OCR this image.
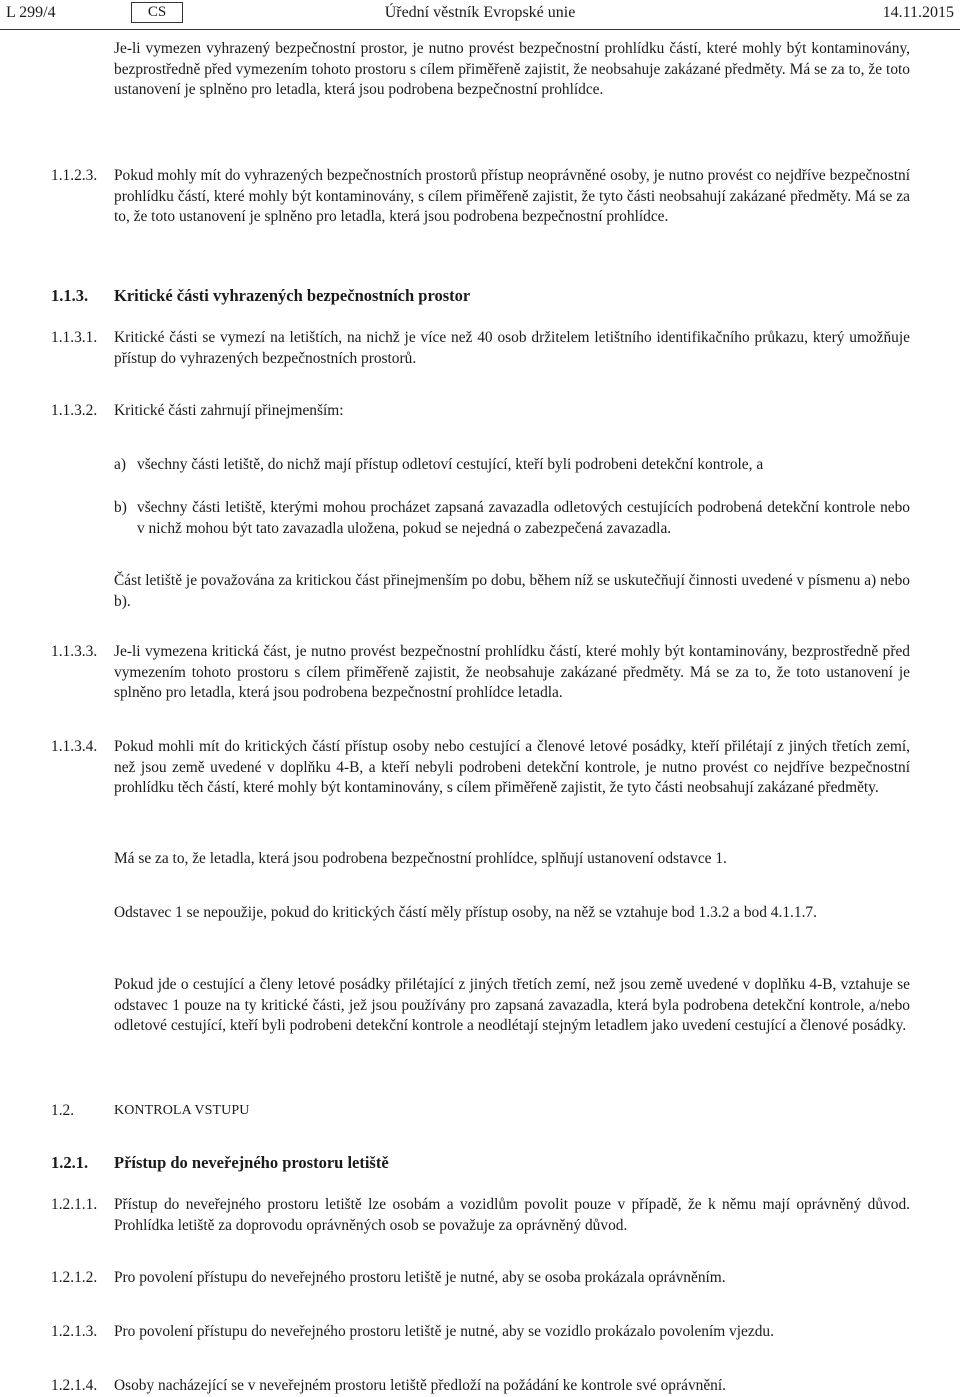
L 299/4	CS	Úřední věstník Evropské unie	14.11.2015
Je-li vymezen vyhrazený bezpečnostní prostor, je nutno provést bezpečnostní prohlídku částí, které mohly být kontaminovány, bezprostředně před vymezením tohoto prostoru s cílem přiměřeně zajistit, že neobsahuje zakázané předměty. Má se za to, že toto ustanovení je splněno pro letadla, která jsou podrobena bezpečnostní prohlídce.
1.1.2.3. Pokud mohly mít do vyhrazených bezpečnostních prostorů přístup neoprávněné osoby, je nutno provést co nejdříve bezpečnostní prohlídku částí, které mohly být kontaminovány, s cílem přiměřeně zajistit, že tyto části neobsahují zakázané předměty. Má se za to, že toto ustanovení je splněno pro letadla, která jsou podrobena bezpečnostní prohlídce.
1.1.3. Kritické části vyhrazených bezpečnostních prostor
1.1.3.1. Kritické části se vymezí na letištích, na nichž je více než 40 osob držitelem letištního identifikačního průkazu, který umožňuje přístup do vyhrazených bezpečnostních prostorů.
1.1.3.2. Kritické části zahrnují přinejmenším:
a) všechny části letiště, do nichž mají přístup odletoví cestující, kteří byli podrobeni detekční kontrole, a
b) všechny části letiště, kterými mohou procházet zapsaná zavazadla odletových cestujících podrobená detekční kontrole nebo v nichž mohou být tato zavazadla uložena, pokud se nejedná o zabezpečená zavazadla.
Část letiště je považována za kritickou část přinejmenším po dobu, během níž se uskutečňují činnosti uvedené v písmenu a) nebo b).
1.1.3.3. Je-li vymezena kritická část, je nutno provést bezpečnostní prohlídku částí, které mohly být kontaminovány, bezprostředně před vymezením tohoto prostoru s cílem přiměřeně zajistit, že neobsahuje zakázané předměty. Má se za to, že toto ustanovení je splněno pro letadla, která jsou podrobena bezpečnostní prohlídce letadla.
1.1.3.4. Pokud mohli mít do kritických částí přístup osoby nebo cestující a členové letové posádky, kteří přilétají z jiných třetích zemí, než jsou země uvedené v doplňku 4-B, a kteří nebyli podrobeni detekční kontrole, je nutno provést co nejdříve bezpečnostní prohlídku těch částí, které mohly být kontaminovány, s cílem přiměřeně zajistit, že tyto části neobsahují zakázané předměty.
Má se za to, že letadla, která jsou podrobena bezpečnostní prohlídce, splňují ustanovení odstavce 1.
Odstavec 1 se nepoužije, pokud do kritických částí měly přístup osoby, na něž se vztahuje bod 1.3.2 a bod 4.1.1.7.
Pokud jde o cestující a členy letové posádky přilétající z jiných třetích zemí, než jsou země uvedené v doplňku 4-B, vztahuje se odstavec 1 pouze na ty kritické části, jež jsou používány pro zapsaná zavazadla, která byla podrobena detekční kontrole, a/nebo odletové cestující, kteří byli podrobeni detekční kontrole a neodlétají stejným letadlem jako uvedení cestující a členové posádky.
1.2.	KONTROLA VSTUPU
1.2.1. Přístup do neveřejného prostoru letiště
1.2.1.1. Přístup do neveřejného prostoru letiště lze osobám a vozidlům povolit pouze v případě, že k němu mají oprávněný důvod. Prohlídka letiště za doprovodu oprávněných osob se považuje za oprávněný důvod.
1.2.1.2. Pro povolení přístupu do neveřejného prostoru letiště je nutné, aby se osoba prokázala oprávněním.
1.2.1.3. Pro povolení přístupu do neveřejného prostoru letiště je nutné, aby se vozidlo prokázalo povolením vjezdu.
1.2.1.4. Osoby nacházející se v neveřejném prostoru letiště předloží na požádání ke kontrole své oprávnění.
